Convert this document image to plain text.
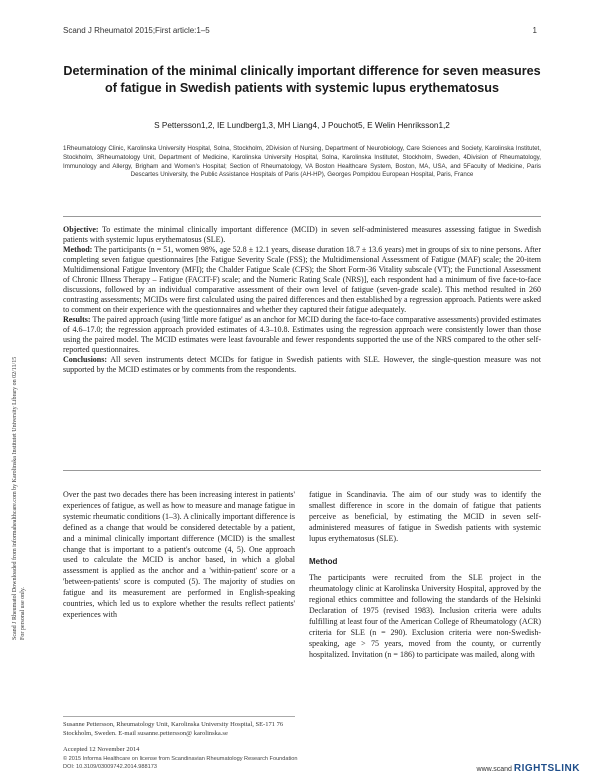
Scand J Rheumatol 2015;First article:1–5	1
Determination of the minimal clinically important difference for seven measures of fatigue in Swedish patients with systemic lupus erythematosus
S Pettersson1,2, IE Lundberg1,3, MH Liang4, J Pouchot5, E Welin Henriksson1,2
1Rheumatology Clinic, Karolinska University Hospital, Solna, Stockholm, 2Division of Nursing, Department of Neurobiology, Care Sciences and Society, Karolinska Institutet, Stockholm, 3Rheumatology Unit, Department of Medicine, Karolinska University Hospital, Solna, Karolinska Institutet, Stockholm, Sweden, 4Division of Rheumatology, Immunology and Allergy, Brigham and Women's Hospital; Section of Rheumatology, VA Boston Healthcare System, Boston, MA, USA, and 5Faculty of Medicine, Paris Descartes University, the Public Assistance Hospitals of Paris (AH-HP), Georges Pompidou European Hospital, Paris, France

Objective: To estimate the minimal clinically important difference (MCID) in seven self-administered measures assessing fatigue in Swedish patients with systemic lupus erythematosus (SLE).

Method: The participants (n = 51, women 98%, age 52.8 ± 12.1 years, disease duration 18.7 ± 13.6 years) met in groups of six to nine persons. After completing seven fatigue questionnaires [the Fatigue Severity Scale (FSS); the Multidimensional Assessment of Fatigue (MAF) scale; the 20-item Multidimensional Fatigue Inventory (MFI); the Chalder Fatigue Scale (CFS); the Short Form-36 Vitality subscale (VT); the Functional Assessment of Chronic Illness Therapy – Fatigue (FACIT-F) scale; and the Numeric Rating Scale (NRS)], each respondent had a minimum of five face-to-face discussions, followed by an individual comparative assessment of their own level of fatigue (seven-grade scale). This method resulted in 260 contrasting assessments; MCIDs were first calculated using the paired differences and then established by a regression approach. Patients were asked to comment on their experience with the questionnaires and whether they captured their fatigue adequately.

Results: The paired approach (using 'little more fatigue' as an anchor for MCID during the face-to-face comparative assessments) provided estimates of 4.6–17.0; the regression approach provided estimates of 4.3–10.8. Estimates using the regression approach were consistently lower than those using the paired model. The MCID estimates were least favourable and fewer respondents supported the use of the NRS compared to the other self-reported questionnaires.

Conclusions: All seven instruments detect MCIDs for fatigue in Swedish patients with SLE. However, the single-question measure was not supported by the MCID estimates or by comments from the respondents.

Over the past two decades there has been increasing interest in patients' experiences of fatigue, as well as how to measure and manage fatigue in systemic rheumatic conditions (1–3). A clinically important difference is defined as a change that would be considered detectable by a patient, and a minimal clinically important difference (MCID) is the smallest change that is important to a patient's outcome (4, 5). One approach used to calculate the MCID is anchor based, in which a global assessment is applied as the anchor and a 'within-patient' score or a 'between-patients' score is computed (5). The majority of studies on fatigue and its measurement are performed in English-speaking countries, which led us to explore whether the results reflect patients' experiences with

fatigue in Scandinavia. The aim of our study was to identify the smallest difference in score in the domain of fatigue that patients perceive as beneficial, by estimating the MCID in seven self-administered measures of fatigue in Swedish patients with systemic lupus erythematosus (SLE).

Method

The participants were recruited from the SLE project in the rheumatology clinic at Karolinska University Hospital, approved by the regional ethics committee and following the standards of the Helsinki Declaration of 1975 (revised 1983). Inclusion criteria were adults fulfilling at least four of the American College of Rheumatology (ACR) criteria for SLE (n = 290). Exclusion criteria were non-Swedish-speaking, age > 75 years, moved from the county, or currently hospitalized. Invitation (n = 186) to participate was mailed, along with

Susanne Pettersson, Rheumatology Unit, Karolinska University Hospital, SE-171 76 Stockholm, Sweden. E-mail susanne.pettersson@ karolinska.se
Accepted 12 November 2014
© 2015 Informa Healthcare on license from Scandinavian Rheumatology Research Foundation
DOI: 10.3109/03009742.2014.988173
Scand J Rheumatol Downloaded from informahealthcare.com by Karolinska Institutet University Library on 02/11/15 For personal use only.
www.scand RIGHTSLINK
